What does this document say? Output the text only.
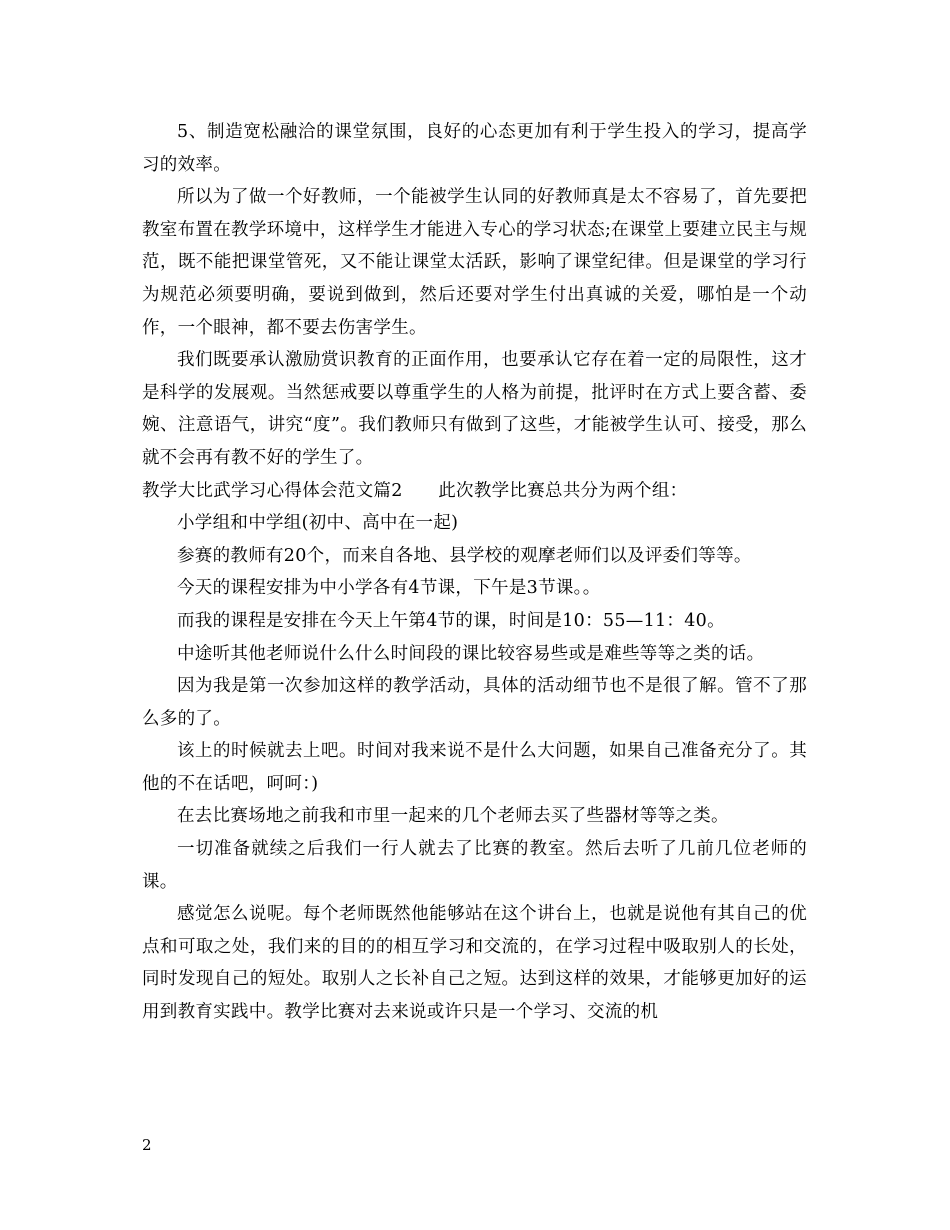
5、制造宽松融洽的课堂氛围，良好的心态更加有利于学生投入的学习，提高学习的效率。

所以为了做一个好教师，一个能被学生认同的好教师真是太不容易了，首先要把教室布置在教学环境中，这样学生才能进入专心的学习状态;在课堂上要建立民主与规范，既不能把课堂管死，又不能让课堂太活跃，影响了课堂纪律。但是课堂的学习行为规范必须要明确，要说到做到，然后还要对学生付出真诚的关爱，哪怕是一个动作，一个眼神，都不要去伤害学生。

我们既要承认激励赏识教育的正面作用，也要承认它存在着一定的局限性，这才是科学的发展观。当然惩戒要以尊重学生的人格为前提，批评时在方式上要含蓄、委婉、注意语气，讲究“度”。我们教师只有做到了这些，才能被学生认可、接受，那么就不会再有教不好的学生了。

教学大比武学习心得体会范文篇2　　此次教学比赛总共分为两个组：

小学组和中学组(初中、高中在一起)

参赛的教师有20个，而来自各地、县学校的观摩老师们以及评委们等等。

今天的课程安排为中小学各有4节课，下午是3节课。。

而我的课程是安排在今天上午第4节的课，时间是10：55—11：40。

中途听其他老师说什么什么时间段的课比较容易些或是难些等等之类的话。

因为我是第一次参加这样的教学活动，具体的活动细节也不是很了解。管不了那么多的了。

该上的时候就去上吧。时间对我来说不是什么大问题，如果自己准备充分了。其他的不在话吧，呵呵：)

在去比赛场地之前我和市里一起来的几个老师去买了些器材等等之类。

一切准备就续之后我们一行人就去了比赛的教室。然后去听了几前几位老师的课。

感觉怎么说呢。每个老师既然他能够站在这个讲台上，也就是说他有其自己的优点和可取之处，我们来的目的的相互学习和交流的，在学习过程中吸取别人的长处，同时发现自己的短处。取别人之长补自己之短。达到这样的效果，才能够更加好的运用到教育实践中。教学比赛对去来说或许只是一个学习、交流的机

2
